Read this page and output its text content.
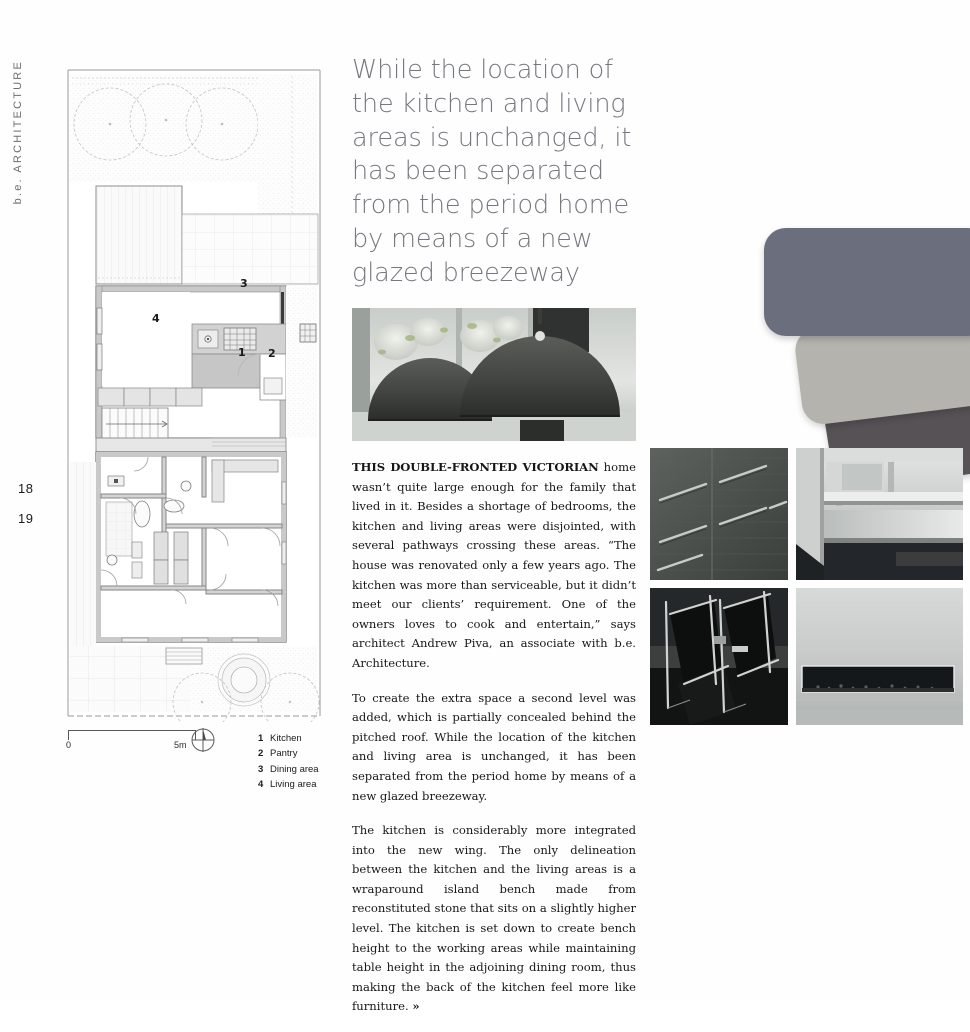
b.e. ARCHITECTURE
18
19
3
1 2
4
0	5m
1 Kitchen
2 Pantry
3 Dining area
4 Living area
While the location of the kitchen and living areas is unchanged, it has been separated from the period home by means of a new glazed breezeway

THIS DOUBLE-FRONTED VICTORIAN home wasn’t quite large enough for the family that lived in it. Besides a shortage of bedrooms, the kitchen and living areas were disjointed, with several pathways crossing these areas. “The house was renovated only a few years ago. The kitchen was more than serviceable, but it didn’t meet our clients’ requirement. One of the owners loves to cook and entertain,” says architect Andrew Piva, an associate with b.e. Architecture.

To create the extra space a second level was added, which is partially concealed behind the pitched roof. While the location of the kitchen and living area is unchanged, it has been separated from the period home by means of a new glazed breezeway.

The kitchen is considerably more integrated into the new wing. The only delineation between the kitchen and the living areas is a wraparound island bench made from reconstituted stone that sits on a slightly higher level. The kitchen is set down to create bench height to the working areas while maintaining table height in the adjoining dining room, thus making the back of the kitchen feel more like furniture. »
